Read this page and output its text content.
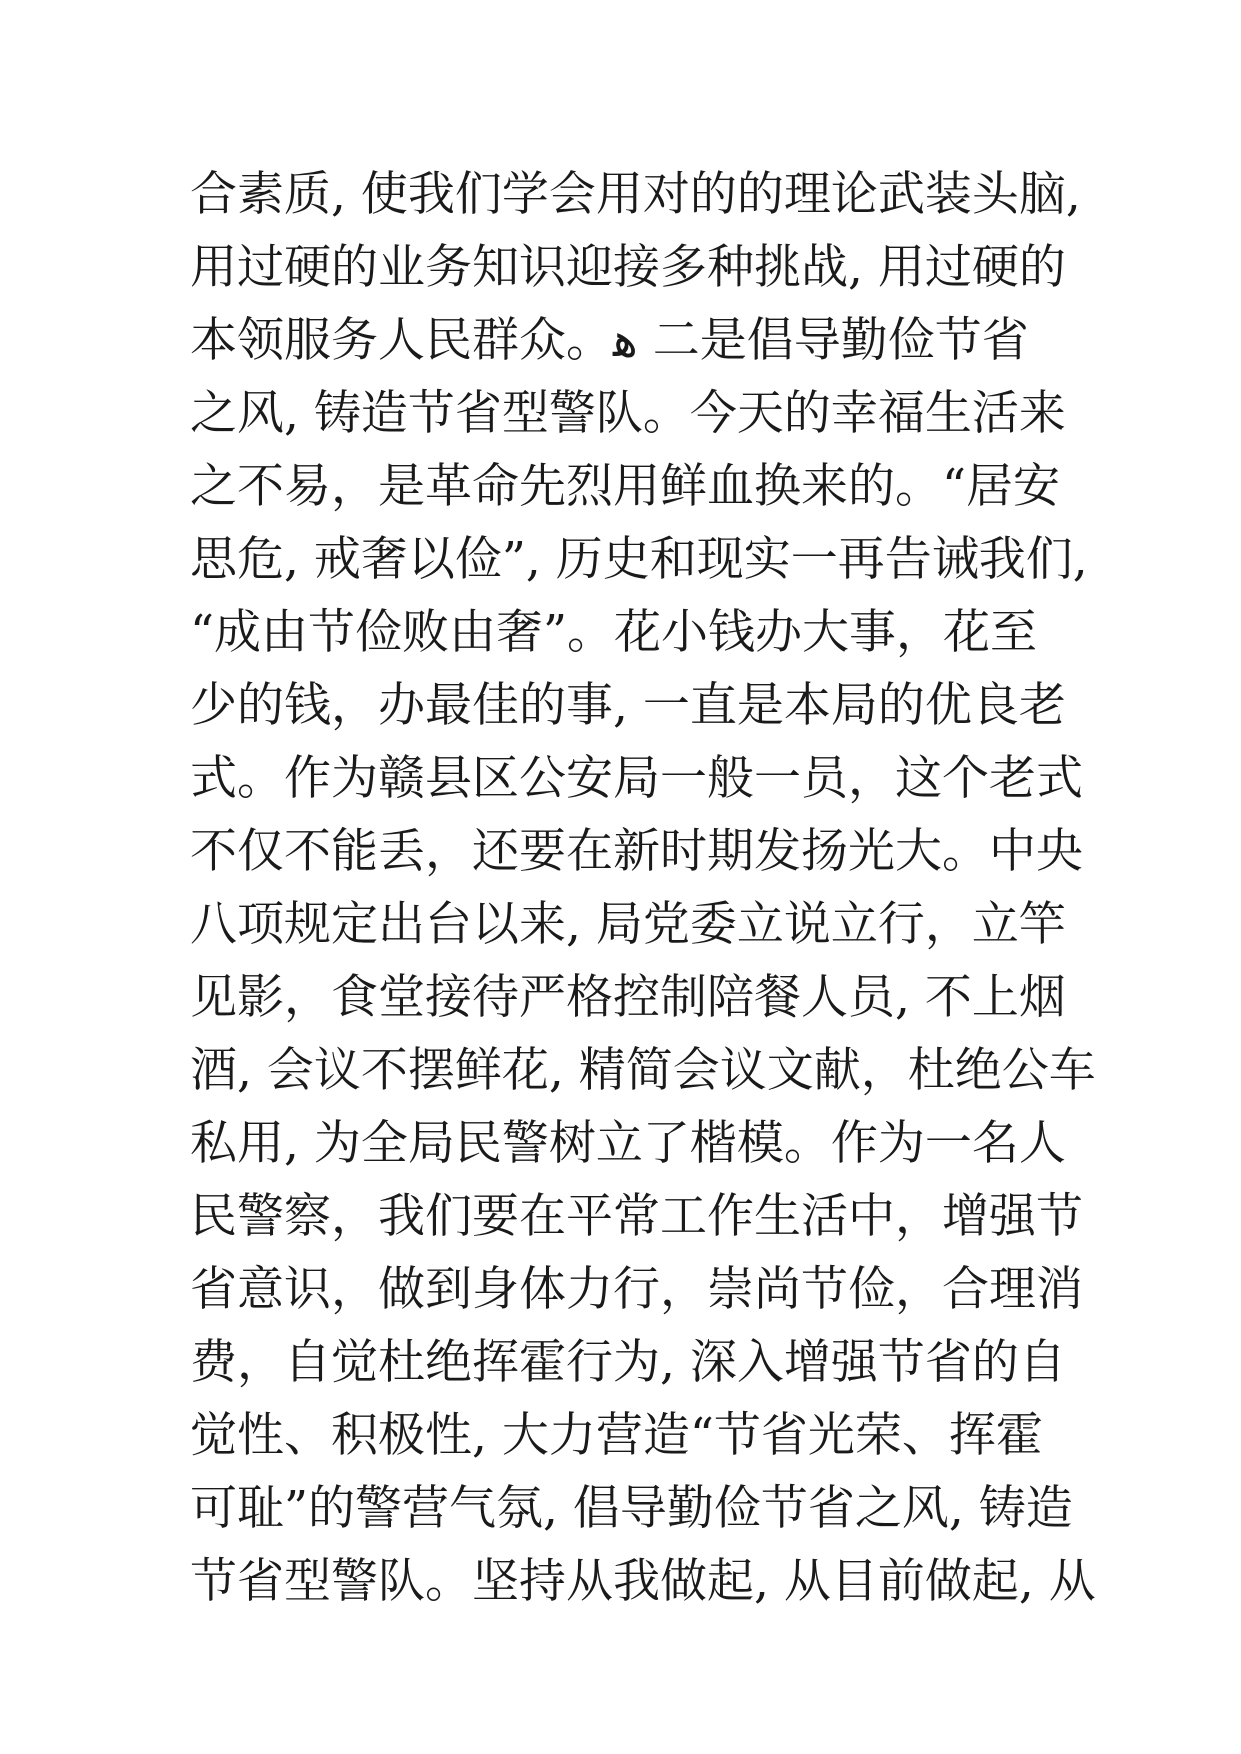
合素质, 使我们学会用对的的理论武装头脑,
用过硬的业务知识迎接多种挑战, 用过硬的
本领服务人民群众。ﻫ 二是倡导勤俭节省
之风, 铸造节省型警队。今天的幸福生活来
之不易，是革命先烈用鲜血换来的。“居安
思危, 戒奢以俭”, 历史和现实一再告诫我们,
“成由节俭败由奢”。花小钱办大事，花至
少的钱，办最佳的事, 一直是本局的优良老
式。作为赣县区公安局一般一员，这个老式
不仅不能丢，还要在新时期发扬光大。中央
八项规定出台以来, 局党委立说立行，立竿
见影，食堂接待严格控制陪餐人员, 不上烟
酒, 会议不摆鲜花, 精简会议文献，杜绝公车
私用, 为全局民警树立了楷模。作为一名人
民警察，我们要在平常工作生活中，增强节
省意识，做到身体力行，崇尚节俭，合理消
费，自觉杜绝挥霍行为, 深入增强节省的自
觉性、积极性, 大力营造“节省光荣、挥霍
可耻”的警营气氛, 倡导勤俭节省之风, 铸造
节省型警队。坚持从我做起, 从目前做起, 从
